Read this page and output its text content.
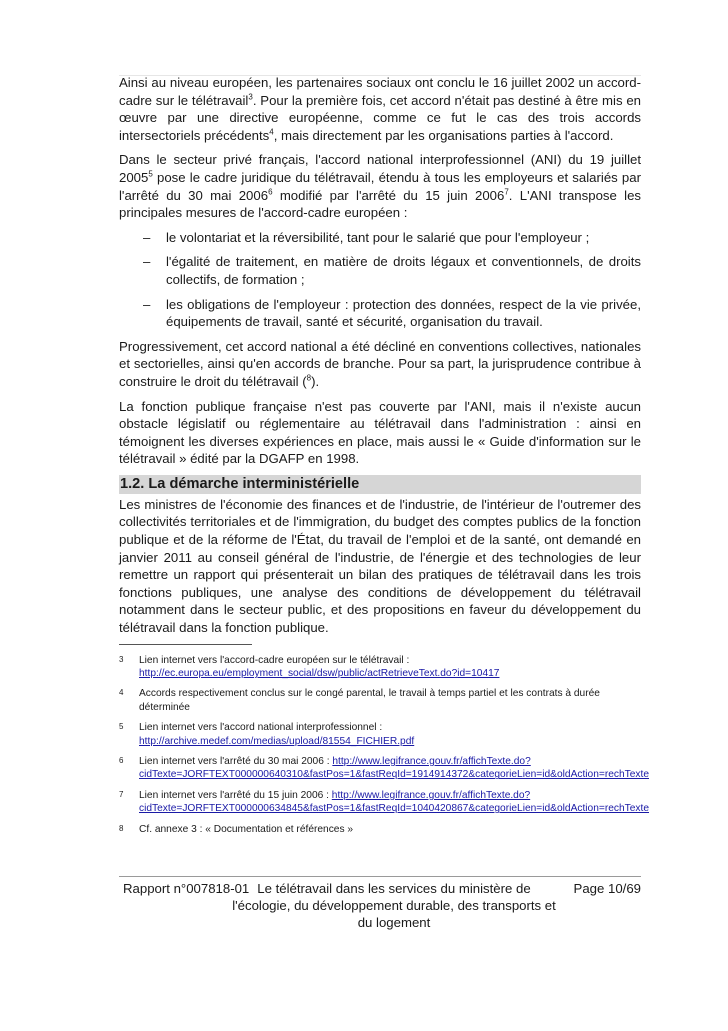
Ainsi au niveau européen, les partenaires sociaux ont conclu le 16 juillet 2002 un accord-cadre sur le télétravail$^3$. Pour la première fois, cet accord n'était pas destiné à être mis en œuvre par une directive européenne, comme ce fut le cas des trois accords intersectoriels précédents$^4$, mais directement par les organisations parties à l'accord.

Dans le secteur privé français, l'accord national interprofessionnel (ANI) du 19 juillet 2005$^5$ pose le cadre juridique du télétravail, étendu à tous les employeurs et salariés par l'arrêté du 30 mai 2006$^6$ modifié par l'arrêté du 15 juin 2006$^7$. L'ANI transpose les principales mesures de l'accord-cadre européen :

– le volontariat et la réversibilité, tant pour le salarié que pour l'employeur ;
– l'égalité de traitement, en matière de droits légaux et conventionnels, de droits collectifs, de formation ;
– les obligations de l'employeur : protection des données, respect de la vie privée, équipements de travail, santé et sécurité, organisation du travail.

Progressivement, cet accord national a été décliné en conventions collectives, nationales et sectorielles, ainsi qu'en accords de branche. Pour sa part, la jurisprudence contribue à construire le droit du télétravail ($^8$).

La fonction publique française n'est pas couverte par l'ANI, mais il n'existe aucun obstacle législatif ou réglementaire au télétravail dans l'administration : ainsi en témoignent les diverses expériences en place, mais aussi le « Guide d'information sur le télétravail » édité par la DGAFP en 1998.

1.2. La démarche interministérielle

Les ministres de l'économie des finances et de l'industrie, de l'intérieur de l'outremer des collectivités territoriales et de l'immigration, du budget des comptes publics de la fonction publique et de la réforme de l'État, du travail de l'emploi et de la santé, ont demandé en janvier 2011 au conseil général de l'industrie, de l'énergie et des technologies de leur remettre un rapport qui présenterait un bilan des pratiques de télétravail dans les trois fonctions publiques, une analyse des conditions de développement du télétravail notamment dans le secteur public, et des propositions en faveur du développement du télétravail dans la fonction publique.

3 Lien internet vers l'accord-cadre européen sur le télétravail :
http://ec.europa.eu/employment_social/dsw/public/actRetrieveText.do?id=10417
4 Accords respectivement conclus sur le congé parental, le travail à temps partiel et les contrats à durée déterminée
5 Lien internet vers l'accord national interprofessionnel :
http://archive.medef.com/medias/upload/81554_FICHIER.pdf
6 Lien internet vers l'arrêté du 30 mai 2006 : http://www.legifrance.gouv.fr/affichTexte.do?cidTexte=JORFTEXT000000640310&fastPos=1&fastReqId=1914914372&categorieLien=id&oldAction=rechTexte
7 Lien internet vers l'arrêté du 15 juin 2006 : http://www.legifrance.gouv.fr/affichTexte.do?cidTexte=JORFTEXT000000634845&fastPos=1&fastReqId=1040420867&categorieLien=id&oldAction=rechTexte
8 Cf. annexe 3 : « Documentation et références »
Rapport n°007818-01 Le télétravail dans les services du ministère de l'écologie, du développement durable, des transports et du logement
Page 10/69
